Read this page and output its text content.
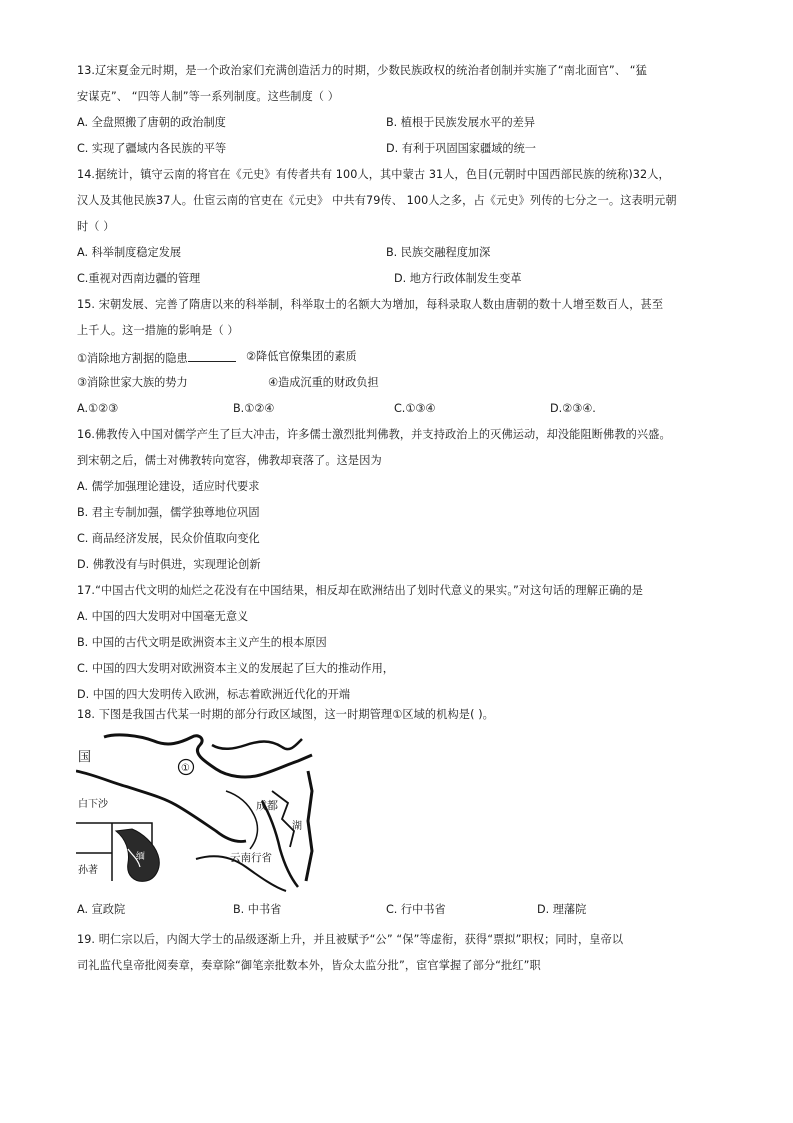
13.辽宋夏金元时期，是一个政治家们充满创造活力的时期，少数民族政权的统治者创制并实施了“南北面官”、 “猛
安谋克”、 “四等人制”等一系列制度。这些制度（ ）
A. 全盘照搬了唐朝的政治制度	B. 植根于民族发展水平的差异
C. 实现了疆域内各民族的平等	D. 有利于巩固国家疆域的统一
14.据统计，镇守云南的将官在《元史》有传者共有 100人，其中蒙古 31人，色目(元朝时中国西部民族的统称)32人，
汉人及其他民族37人。仕宦云南的官吏在《元史》 中共有79传、 100人之多，占《元史》列传的七分之一。这表明元朝
时（ ）
A. 科举制度稳定发展	B. 民族交融程度加深
C.重视对西南边疆的管理	D. 地方行政体制发生变革
15. 宋朝发展、完善了隋唐以来的科举制，科举取士的名额大为增加，每科录取人数由唐朝的数十人增至数百人，甚至
上千人。这一措施的影响是（ ）
①消除地方割据的隐患	②降低官僚集团的素质
③消除世家大族的势力	④造成沉重的财政负担
A.①②③	B.①②④	C.①③④	D.②③④.
16.佛教传入中国对儒学产生了巨大冲击，许多儒士激烈批判佛教，并支持政治上的灭佛运动，却没能阻断佛教的兴盛。
到宋朝之后，儒士对佛教转向宽容，佛教却衰落了。这是因为
A. 儒学加强理论建设，适应时代要求
B. 君主专制加强，儒学独尊地位巩固
C. 商品经济发展，民众价值取向变化
D. 佛教没有与时俱进，实现理论创新
17.“中国古代文明的灿烂之花没有在中国结果，相反却在欧洲结出了划时代意义的果实。”对这句话的理解正确的是
A. 中国的四大发明对中国毫无意义
B. 中国的古代文明是欧洲资本主义产生的根本原因
C. 中国的四大发明对欧洲资本主义的发展起了巨大的推动作用，
D. 中国的四大发明传入欧洲，标志着欧洲近代化的开端
18. 下图是我国古代某一时期的部分行政区域图，这一时期管理①区域的机构是( )。
国
①
成都
云南行省
白下沙
孙著
缅
湖
A. 宣政院	B. 中书省	C. 行中书省	D. 理藩院
19. 明仁宗以后，内阁大学士的品级逐渐上升，并且被赋予“公” “保”等虚衔，获得“票拟”职权；同时，皇帝以
司礼监代皇帝批阅奏章，奏章除“御笔亲批数本外，皆众太监分批”，宦官掌握了部分“批红”职
